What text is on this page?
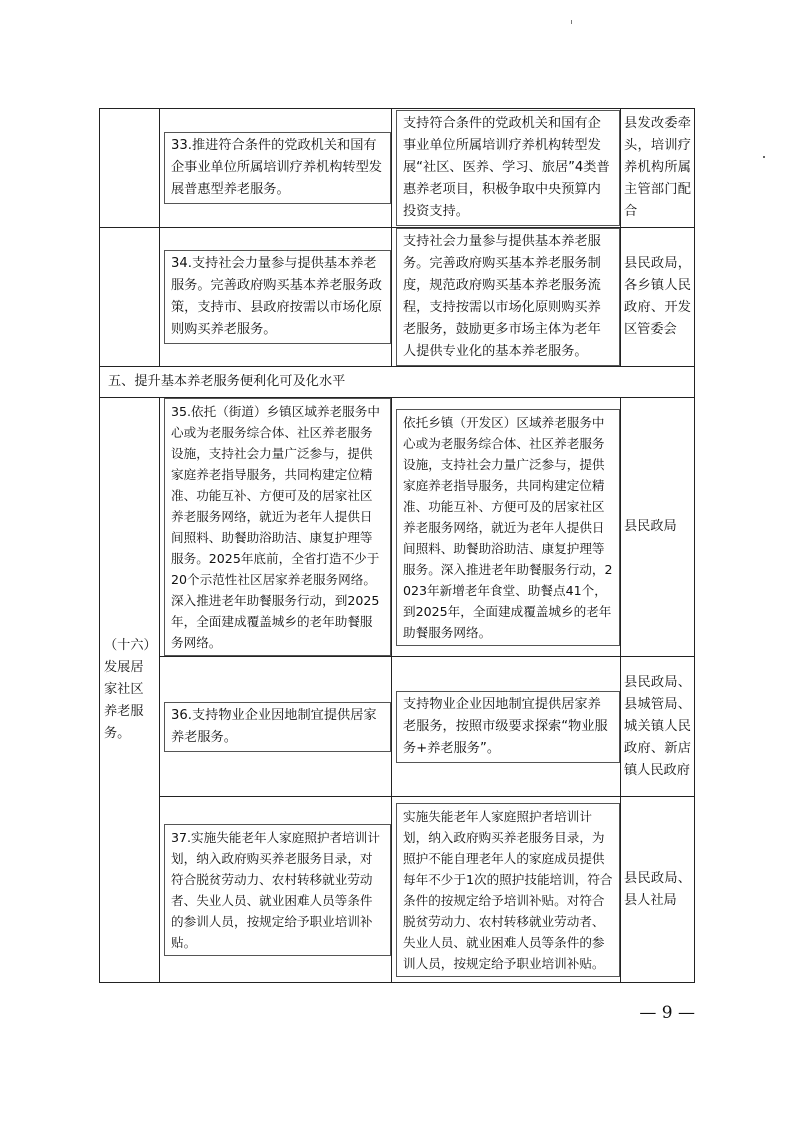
	33.推进符合条件的党政机关和国有企事业单位所属培训疗养机构转型发展普惠型养老服务。	支持符合条件的党政机关和国有企事业单位所属培训疗养机构转型发展“社区、医养、学习、旅居”4类普惠养老项目，积极争取中央预算内投资支持。	县发改委牵头，培训疗养机构所属主管部门配合

	34.支持社会力量参与提供基本养老服务。完善政府购买基本养老服务政策，支持市、县政府按需以市场化原则购买养老服务。	支持社会力量参与提供基本养老服务。完善政府购买基本养老服务制度，规范政府购买基本养老服务流程，支持按需以市场化原则购买养老服务，鼓励更多市场主体为老年人提供专业化的基本养老服务。	县民政局，各乡镇人民政府、开发区管委会
五、提升基本养老服务便利化可及化水平			
（十六）发展居家社区养老服务。	35.依托（街道）乡镇区域养老服务中心或为老服务综合体、社区养老服务设施，支持社会力量广泛参与，提供家庭养老指导服务，共同构建定位精准、功能互补、方便可及的居家社区养老服务网络，就近为老年人提供日间照料、助餐助浴助洁、康复护理等服务。2025年底前，全省打造不少于20个示范性社区居家养老服务网络。深入推进老年助餐服务行动，到2025年，全面建成覆盖城乡的老年助餐服务网络。	依托乡镇（开发区）区域养老服务中心或为老服务综合体、社区养老服务设施，支持社会力量广泛参与，提供家庭养老指导服务，共同构建定位精准、功能互补、方便可及的居家社区养老服务网络，就近为老年人提供日间照料、助餐助浴助洁、康复护理等服务。深入推进老年助餐服务行动，2023年新增老年食堂、助餐点41个，到2025年，全面建成覆盖城乡的老年助餐服务网络。	县民政局

	36.支持物业企业因地制宜提供居家养老服务。	支持物业企业因地制宜提供居家养老服务，按照市级要求探索“物业服务+养老服务”。	县民政局、县城管局、城关镇人民政府、新店镇人民政府

	37.实施失能老年人家庭照护者培训计划，纳入政府购买养老服务目录，对符合脱贫劳动力、农村转移就业劳动者、失业人员、就业困难人员等条件的参训人员，按规定给予职业培训补贴。	实施失能老年人家庭照护者培训计划，纳入政府购买养老服务目录，为照护不能自理老年人的家庭成员提供每年不少于1次的照护技能培训，符合条件的按规定给予培训补贴。对符合脱贫劳动力、农村转移就业劳动者、失业人员、就业困难人员等条件的参训人员，按规定给予职业培训补贴。	县民政局、县人社局
— 9 —
